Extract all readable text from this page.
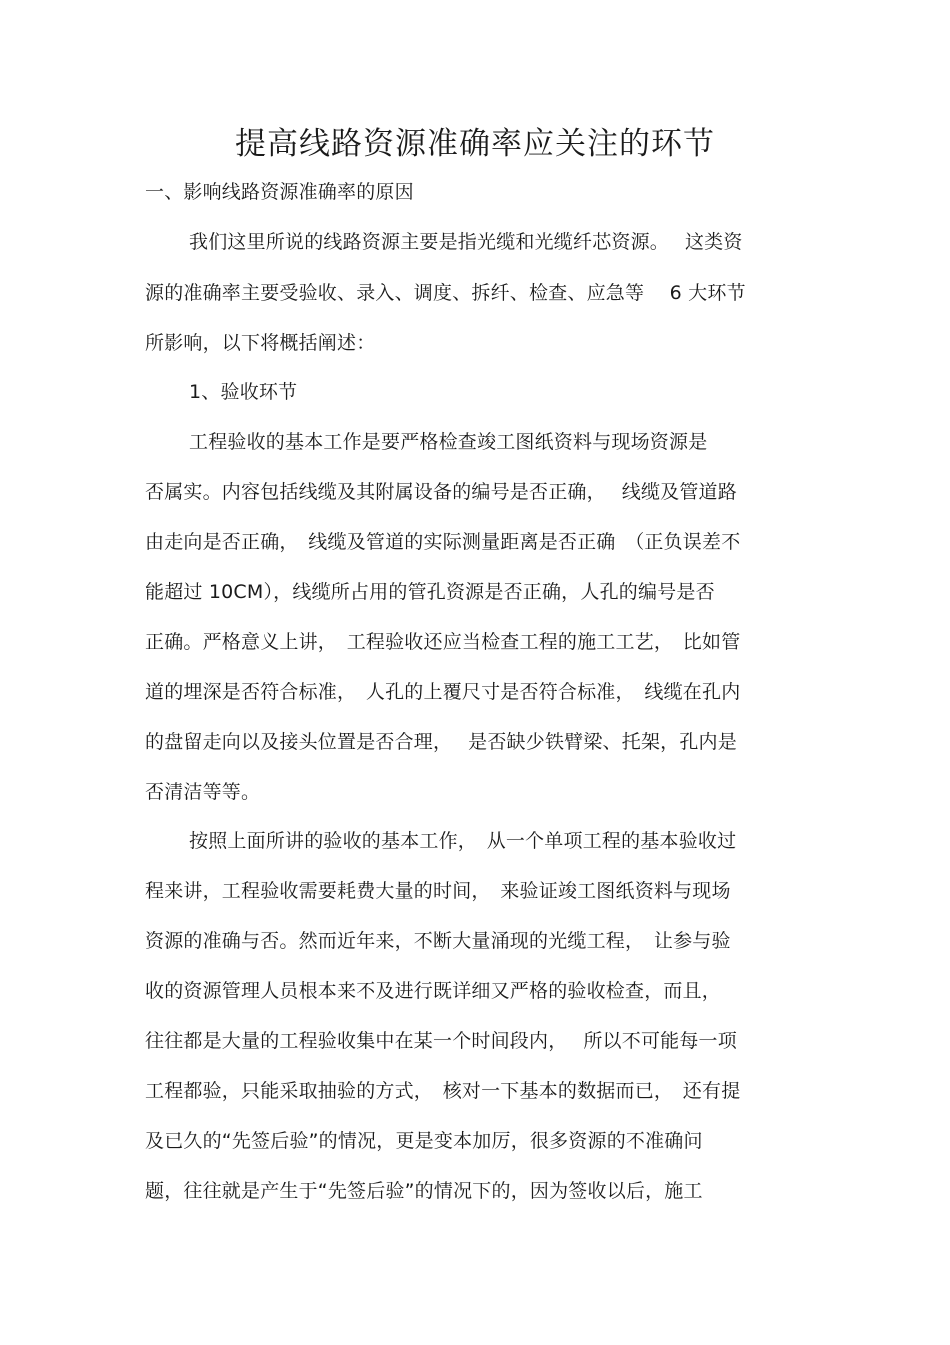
提高线路资源准确率应关注的环节
一、影响线路资源准确率的原因
我们这里所说的线路资源主要是指光缆和光缆纤芯资源。　 这类资
源的准确率主要受验收、录入、调度、拆纤、检查、应急等　 6 大环节
所影响，以下将概括阐述：
1、验收环节
工程验收的基本工作是要严格检查竣工图纸资料与现场资源是
否属实。内容包括线缆及其附属设备的编号是否正确，　 线缆及管道路
由走向是否正确，　线缆及管道的实际测量距离是否正确　（正负误差不
能超过 10CM），线缆所占用的管孔资源是否正确，人孔的编号是否
正确。严格意义上讲，　工程验收还应当检查工程的施工工艺，　比如管
道的埋深是否符合标准，　人孔的上覆尺寸是否符合标准，　线缆在孔内
的盘留走向以及接头位置是否合理，　 是否缺少铁臂梁、托架，孔内是
否清洁等等。
按照上面所讲的验收的基本工作，　从一个单项工程的基本验收过
程来讲，工程验收需要耗费大量的时间，　来验证竣工图纸资料与现场
资源的准确与否。然而近年来，不断大量涌现的光缆工程，　让参与验
收的资源管理人员根本来不及进行既详细又严格的验收检查，而且，
往往都是大量的工程验收集中在某一个时间段内，　 所以不可能每一项
工程都验，只能采取抽验的方式，　核对一下基本的数据而已，　还有提
及已久的“先签后验”的情况，更是变本加厉，很多资源的不准确问
题，往往就是产生于“先签后验”的情况下的，因为签收以后，施工
